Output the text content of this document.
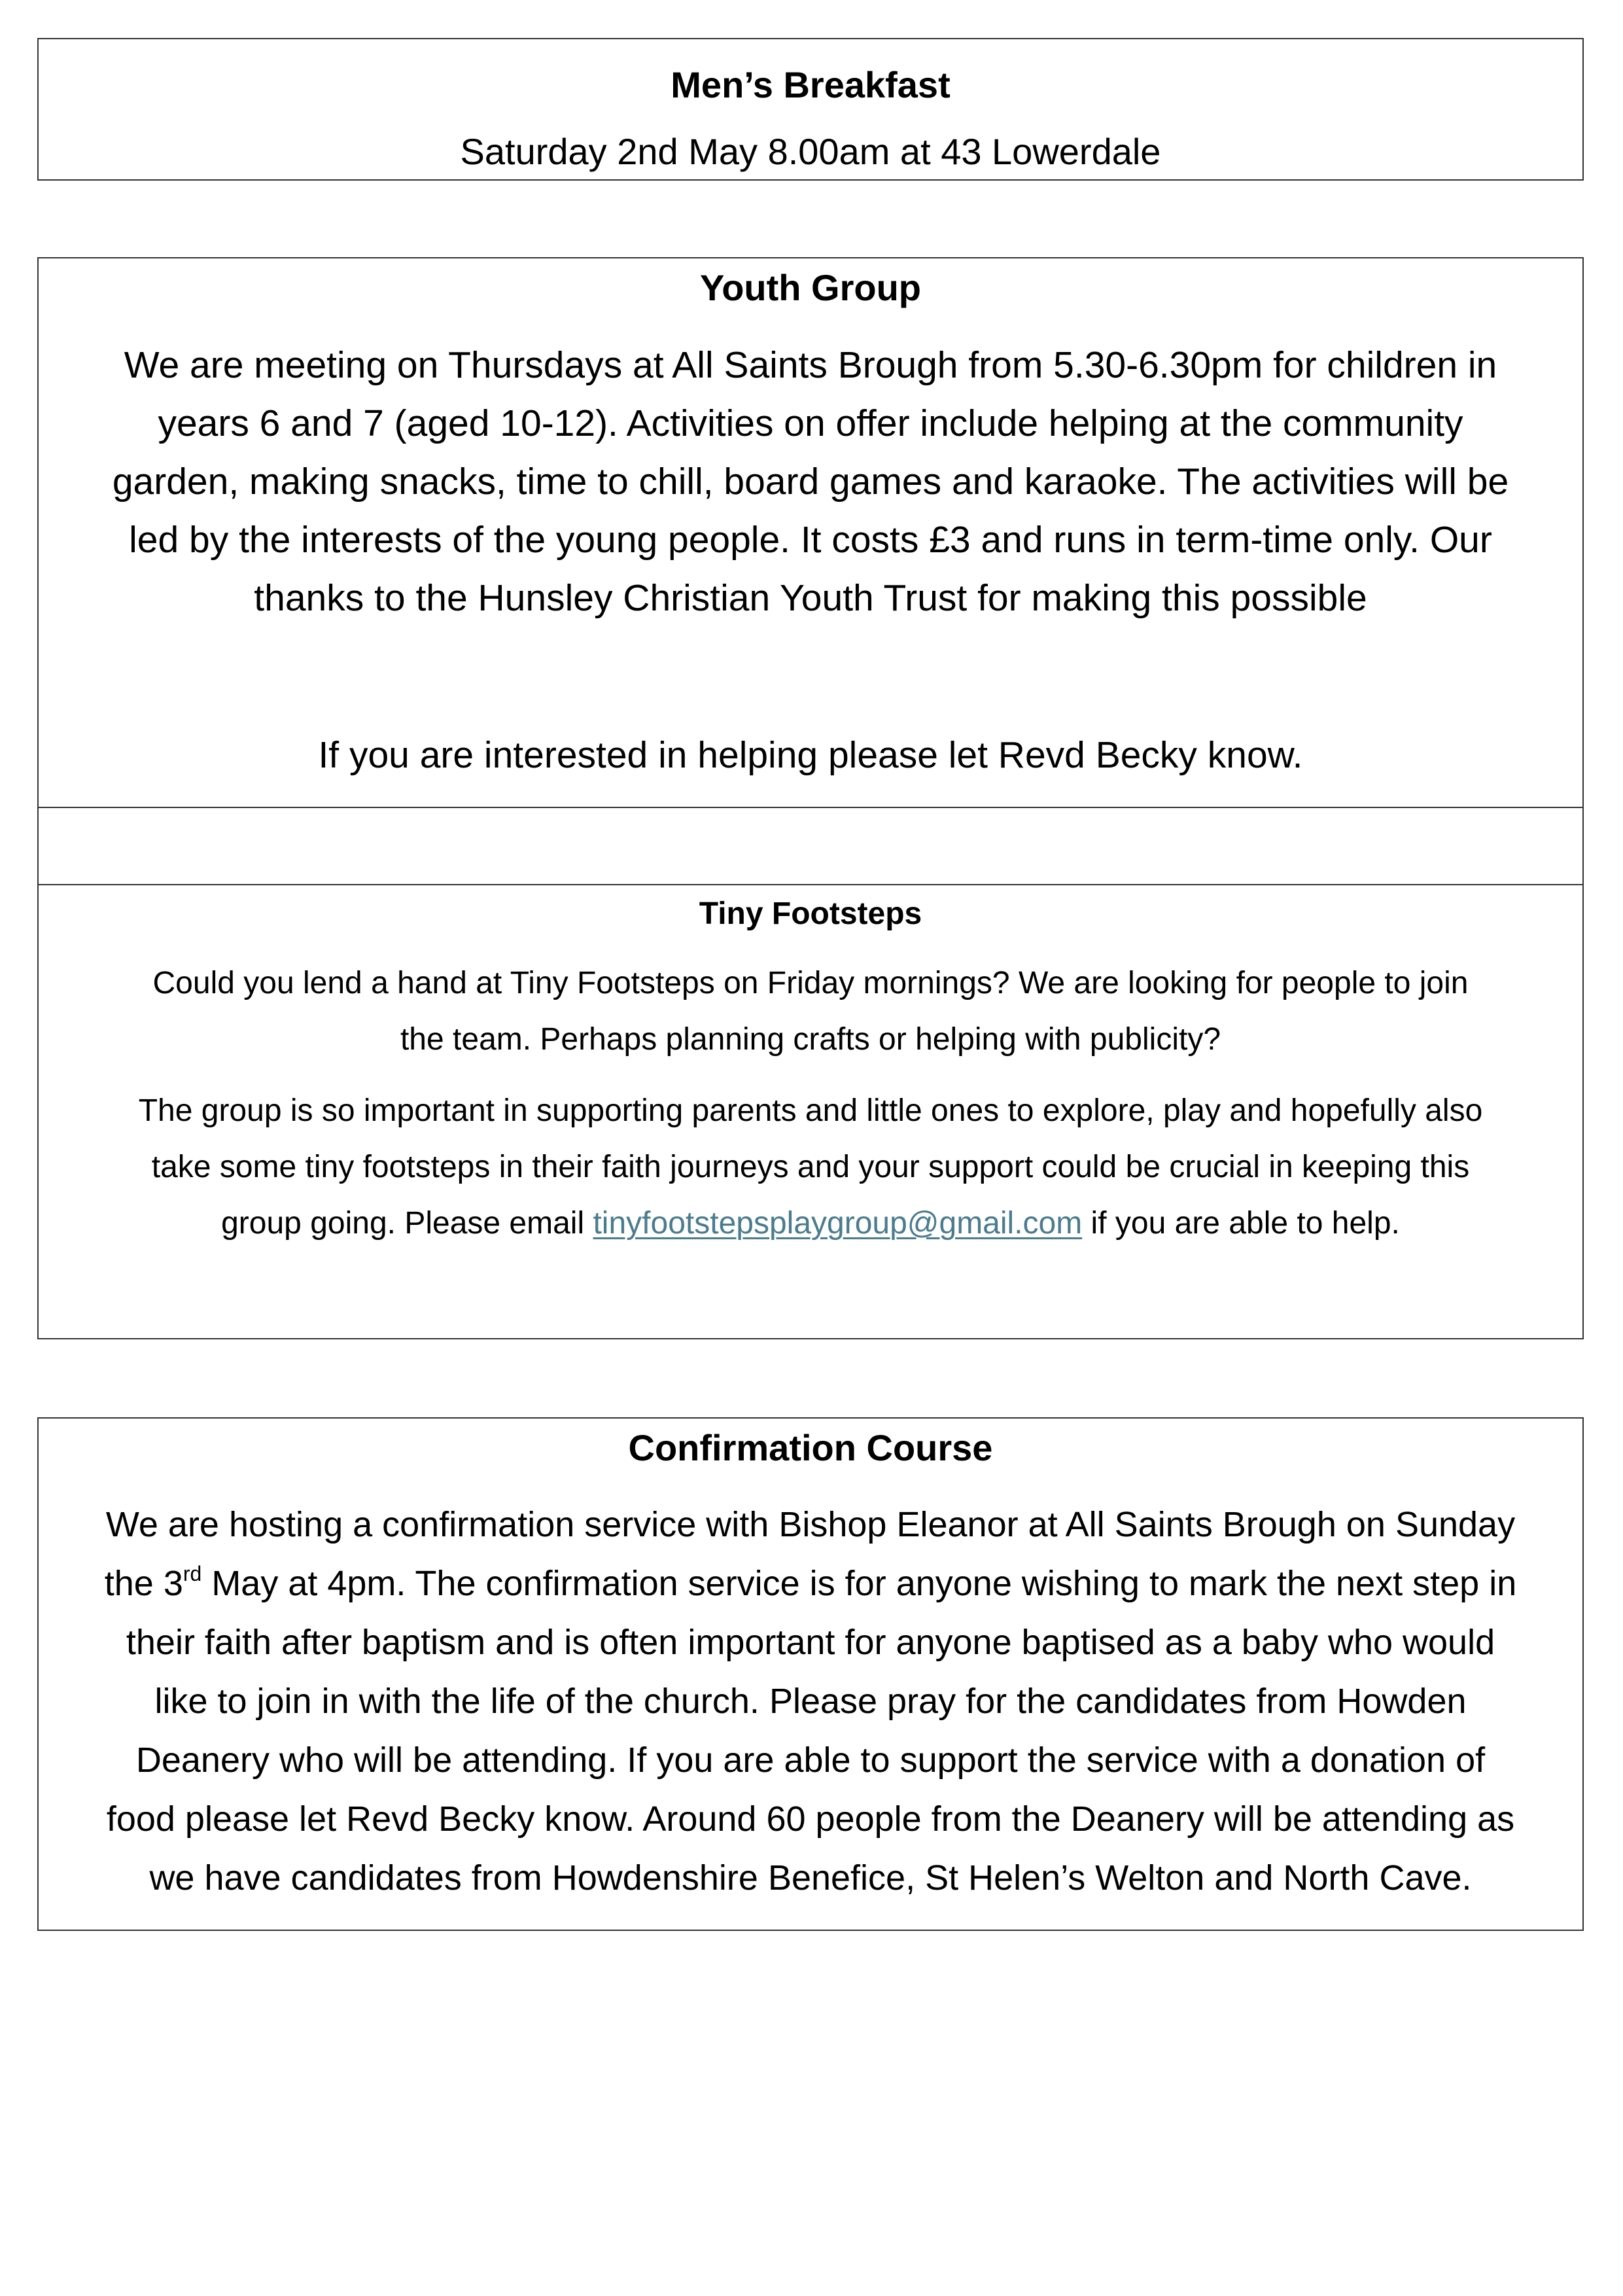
Men’s Breakfast
Saturday 2nd May 8.00am at 43 Lowerdale
Youth Group
We are meeting on Thursdays at All Saints Brough from 5.30-6.30pm for children in
years 6 and 7 (aged 10-12). Activities on offer include helping at the community
garden, making snacks, time to chill, board games and karaoke. The activities will be
led by the interests of the young people. It costs £3 and runs in term-time only. Our
thanks to the Hunsley Christian Youth Trust for making this possible
If you are interested in helping please let Revd Becky know.
Tiny Footsteps
Could you lend a hand at Tiny Footsteps on Friday mornings? We are looking for people to join
the team. Perhaps planning crafts or helping with publicity?
The group is so important in supporting parents and little ones to explore, play and hopefully also
take some tiny footsteps in their faith journeys and your support could be crucial in keeping this
group going. Please email tinyfootstepsplaygroup@gmail.com if you are able to help.
Confirmation Course
We are hosting a confirmation service with Bishop Eleanor at All Saints Brough on Sunday
the 3rd May at 4pm. The confirmation service is for anyone wishing to mark the next step in
their faith after baptism and is often important for anyone baptised as a baby who would
like to join in with the life of the church. Please pray for the candidates from Howden
Deanery who will be attending. If you are able to support the service with a donation of
food please let Revd Becky know. Around 60 people from the Deanery will be attending as
we have candidates from Howdenshire Benefice, St Helen’s Welton and North Cave.
